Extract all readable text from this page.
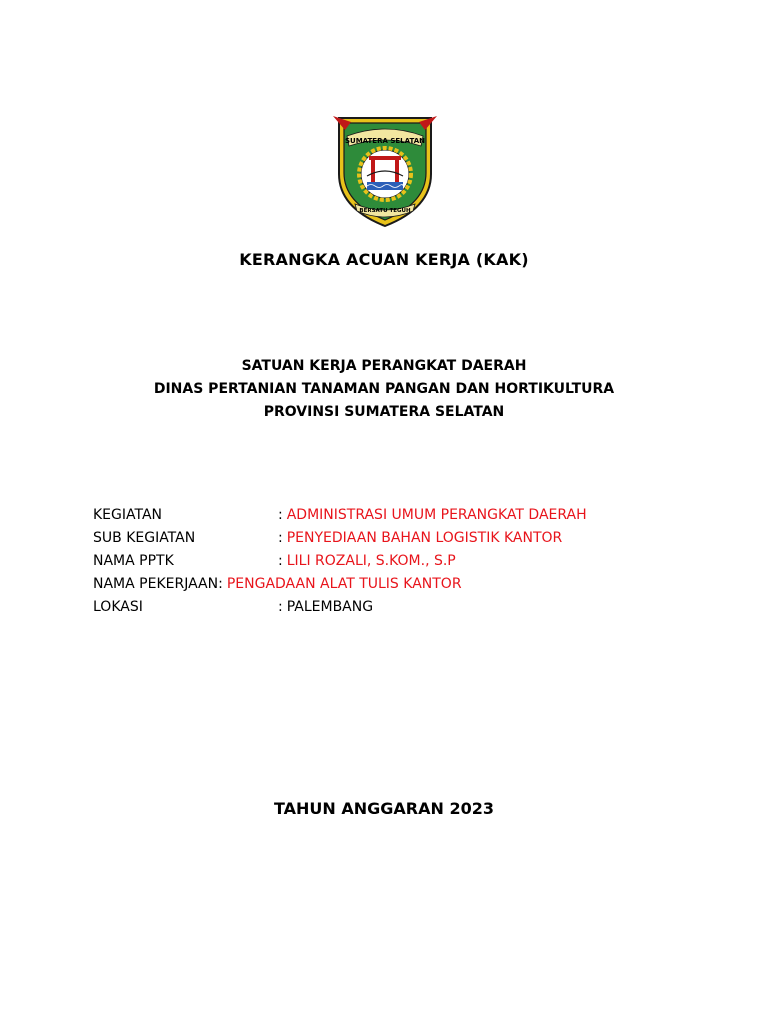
SUMATERA SELATAN
BERSATU TEGUH
KERANGKA ACUAN KERJA (KAK)
SATUAN KERJA PERANGKAT DAERAH
DINAS PERTANIAN TANAMAN PANGAN DAN HORTIKULTURA
PROVINSI SUMATERA SELATAN
KEGIATAN	: ADMINISTRASI UMUM PERANGKAT DAERAH
SUB KEGIATAN	: PENYEDIAAN BAHAN LOGISTIK KANTOR
NAMA PPTK	: LILI ROZALI, S.KOM., S.P
NAMA PEKERJAAN : PENGADAAN ALAT TULIS KANTOR
LOKASI	: PALEMBANG
TAHUN ANGGARAN 2023
